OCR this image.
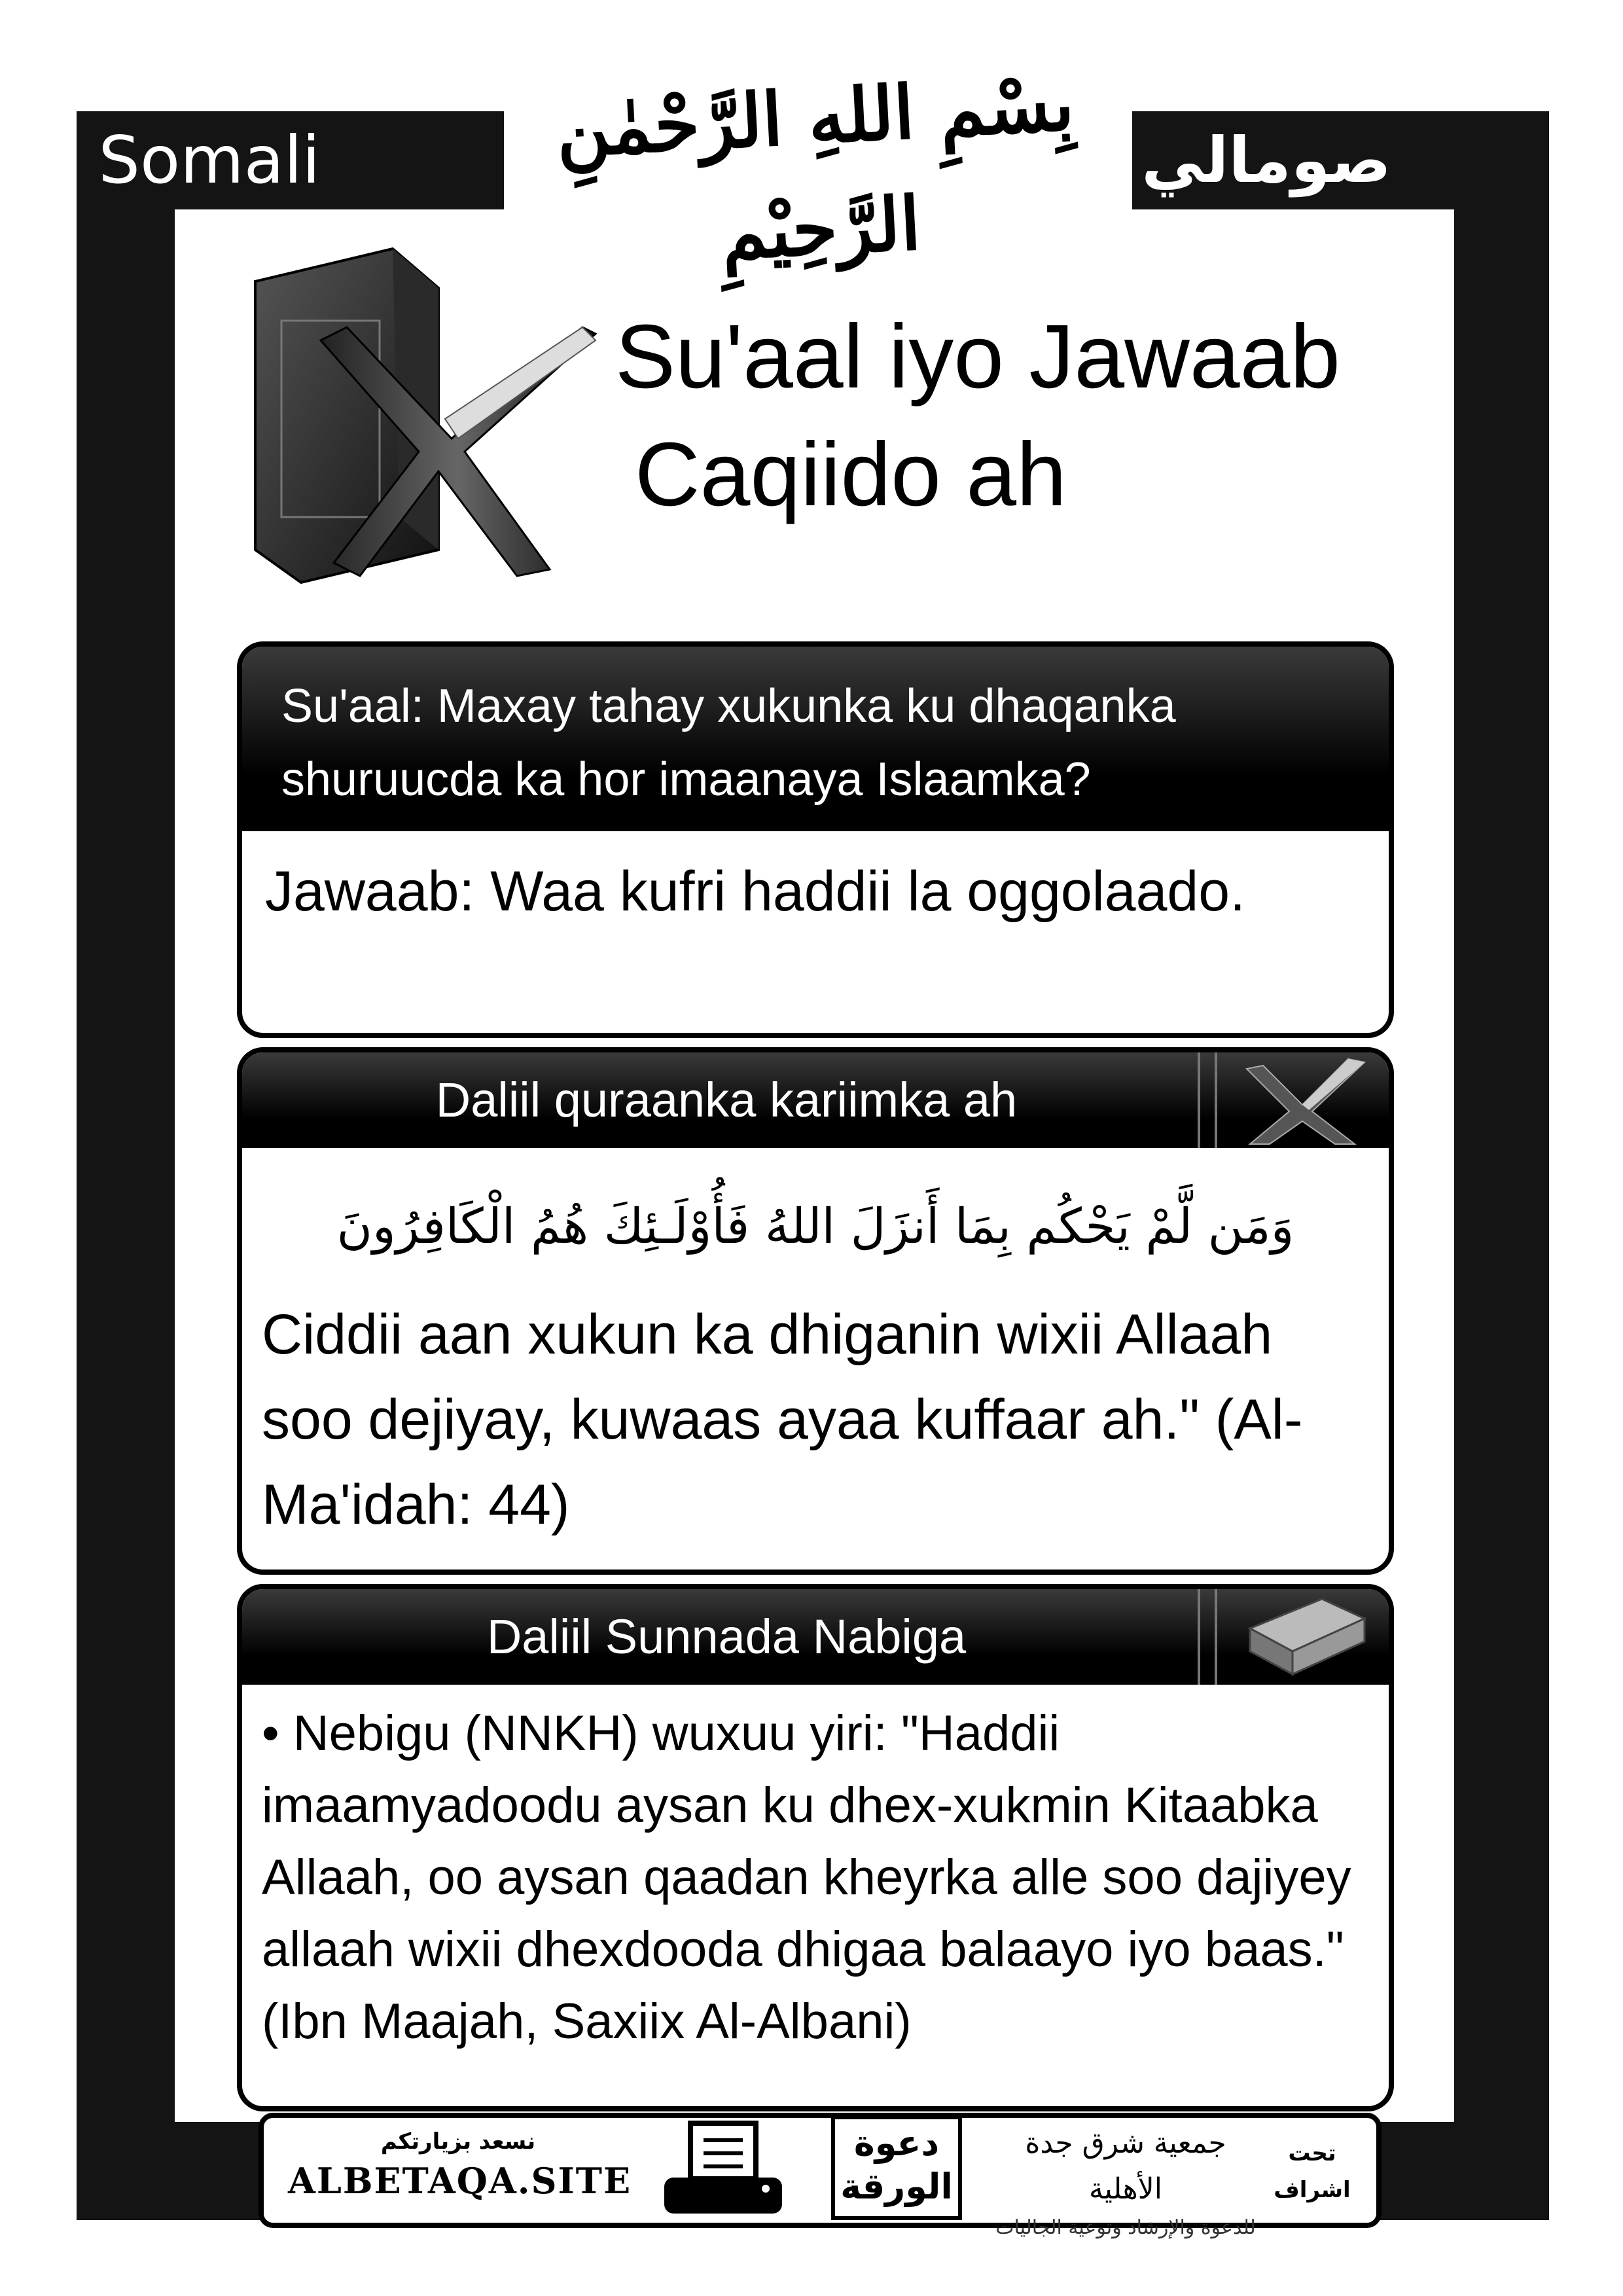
Somali	صومالي
بِسْمِ اللهِ الرَّحْمٰنِ الرَّحِيْمِ
Su'aal iyo Jawaab
Caqiido ah
Su'aal: Maxay tahay xukunka ku dhaqanka shuruucda ka hor imaanaya Islaamka?
Jawaab: Waa kufri haddii la oggolaado.
Daliil quraanka kariimka ah
وَمَن لَّمْ يَحْكُم بِمَا أَنزَلَ اللهُ فَأُوْلَـئِكَ هُمُ الْكَافِرُونَ
Ciddii aan xukun ka dhiganin wixii Allaah soo dejiyay, kuwaas ayaa kuffaar ah." (Al-Ma'idah: 44)
Daliil Sunnada Nabiga
• Nebigu (NNKH) wuxuu yiri: "Haddii imaamyadoodu aysan ku dhex-xukmin Kitaabka Allaah, oo aysan qaadan kheyrka alle soo dajiyey allaah wixii dhexdooda dhigaa balaayo iyo baas." (Ibn Maajah, Saxiix Al-Albani)
نسعد بزيارتكم
ALBETAQA.SITE
دعوة
الورقة
جمعية شرق جدة الأهلية
للدعوة والإرشاد وتوعية الجاليات
تحت
اشراف
